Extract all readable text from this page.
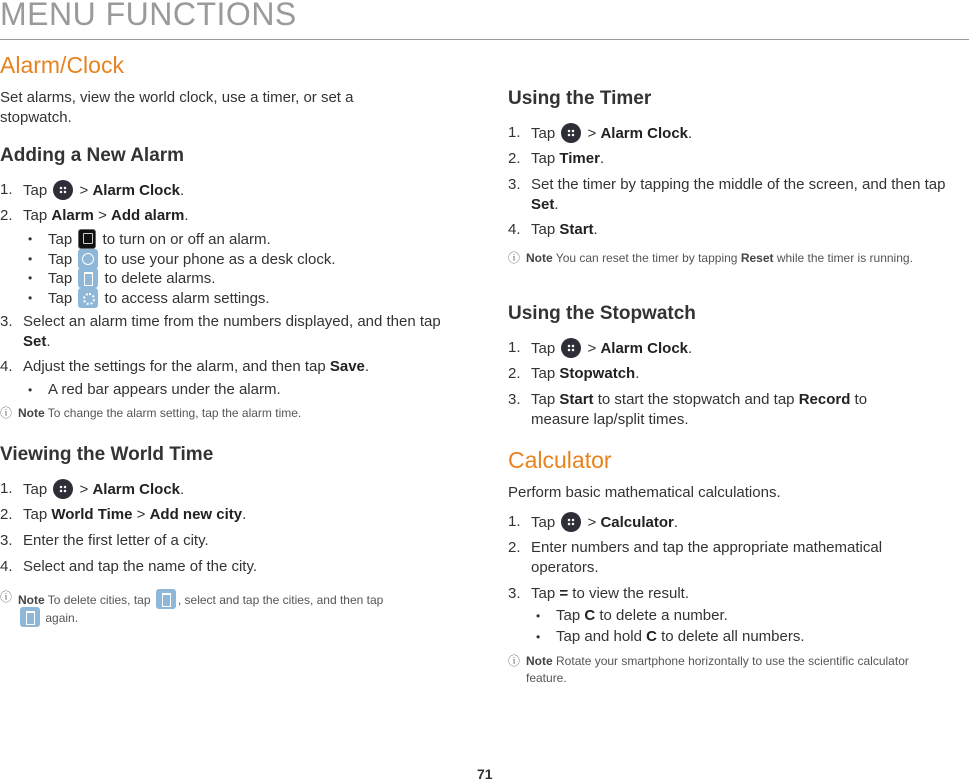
MENU FUNCTIONS
Alarm/Clock

Set alarms, view the world clock, use a timer, or set a stopwatch.

Adding a New Alarm
1. Tap > Alarm Clock.
2. Tap Alarm > Add alarm.
• Tap to turn on or off an alarm.
• Tap to use your phone as a desk clock.
• Tap to delete alarms.
• Tap to access alarm settings.
3. Select an alarm time from the numbers displayed, and then tap Set.
4. Adjust the settings for the alarm, and then tap Save.
• A red bar appears under the alarm.
ⓘ Note To change the alarm setting, tap the alarm time.
Viewing the World Time
1. Tap > Alarm Clock.
2. Tap World Time > Add new city.
3. Enter the first letter of a city.
4. Select and tap the name of the city.
ⓘ Note To delete cities, tap , select and tap the cities, and then tap
again.
Using the Timer
1. Tap > Alarm Clock.
2. Tap Timer.
3. Set the timer by tapping the middle of the screen, and then tap Set.
4. Tap Start.
ⓘ Note You can reset the timer by tapping Reset while the timer is running.
Using the Stopwatch
1. Tap > Alarm Clock.
2. Tap Stopwatch.
3. Tap Start to start the stopwatch and tap Record to measure lap/split times.
Calculator

Perform basic mathematical calculations.

1. Tap > Calculator.
2. Enter numbers and tap the appropriate mathematical operators.
3. Tap = to view the result.
• Tap C to delete a number.
• Tap and hold C to delete all numbers.
ⓘ Note Rotate your smartphone horizontally to use the scientific calculator feature.
71
